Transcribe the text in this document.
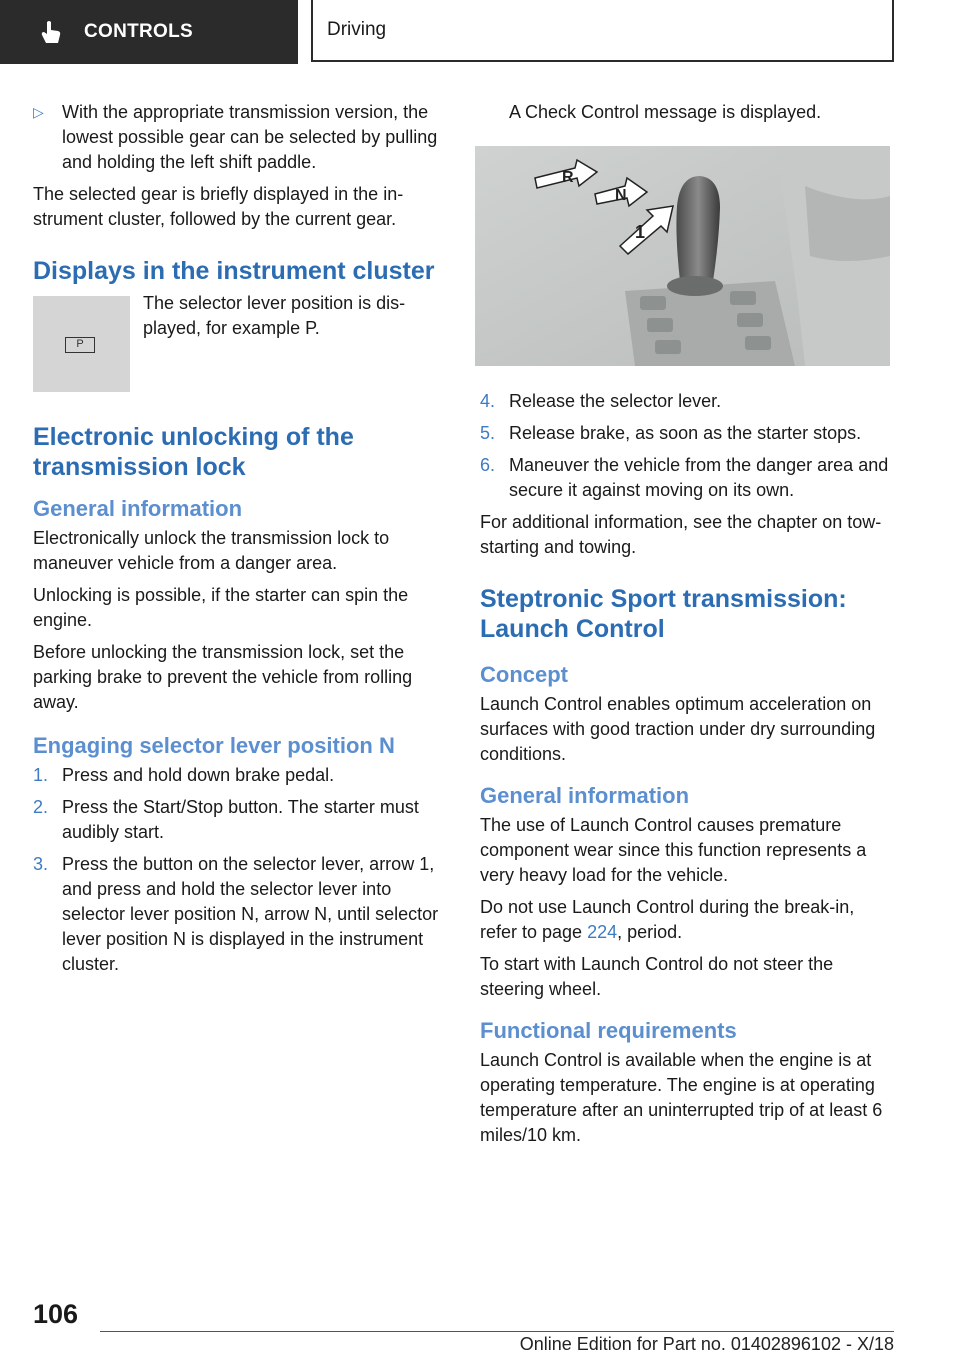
CONTROLS	Driving
▷	With the appropriate transmission version, the lowest possible gear can be selected by pulling and holding the left shift paddle.

The selected gear is briefly displayed in the instrument cluster, followed by the current gear.

Displays in the instrument cluster
P
The selector lever position is displayed, for example P.
Electronic unlocking of the transmission lock
General information

Electronically unlock the transmission lock to maneuver vehicle from a danger area.

Unlocking is possible, if the starter can spin the engine.

Before unlocking the transmission lock, set the parking brake to prevent the vehicle from rolling away.

Engaging selector lever position N
1. Press and hold down brake pedal.
2. Press the Start/Stop button. The starter must audibly start.
3. Press the button on the selector lever, arrow 1, and press and hold the selector lever into selector lever position N, arrow N, until selector lever position N is displayed in the instrument cluster.

A Check Control message is displayed.

R
N
1
4. Release the selector lever.
5. Release brake, as soon as the starter stops.
6. Maneuver the vehicle from the danger area and secure it against moving on its own.

For additional information, see the chapter on tow-starting and towing.

Steptronic Sport transmission: Launch Control
Concept

Launch Control enables optimum acceleration on surfaces with good traction under dry surrounding conditions.

General information

The use of Launch Control causes premature component wear since this function represents a very heavy load for the vehicle.

Do not use Launch Control during the break-in, refer to page 224, period.

To start with Launch Control do not steer the steering wheel.

Functional requirements

Launch Control is available when the engine is at operating temperature. The engine is at operating temperature after an uninterrupted trip of at least 6 miles/10 km.

106
Online Edition for Part no. 01402896102 - X/18
